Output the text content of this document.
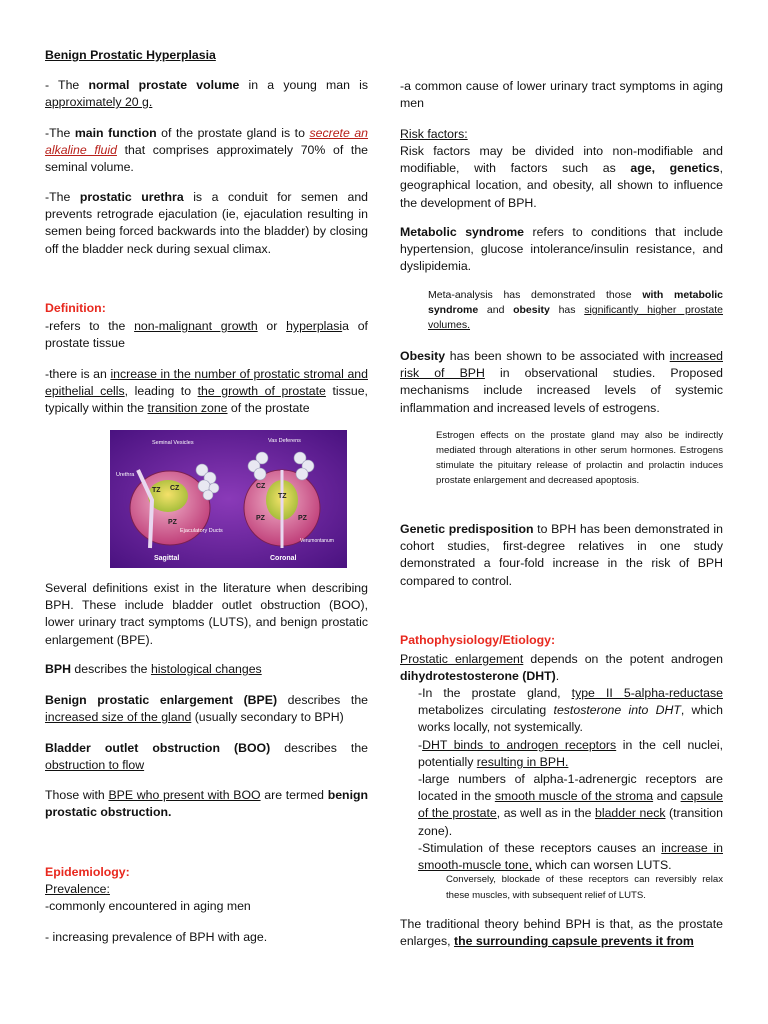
Benign Prostatic Hyperplasia

- The normal prostate volume in a young man is approximately 20 g.

-The main function of the prostate gland is to secrete an alkaline fluid that comprises approximately 70% of the seminal volume.

-The prostatic urethra is a conduit for semen and prevents retrograde ejaculation (ie, ejaculation resulting in semen being forced backwards into the bladder) by closing off the bladder neck during sexual climax.

Definition:

-refers to the non-malignant growth or hyperplasia of prostate tissue

-there is an increase in the number of prostatic stromal and epithelial cells, leading to the growth of prostate tissue, typically within the transition zone of the prostate

Seminal Vesicles	Vas Deferens
Urethra
TZ CZ
PZ
Ejaculatory Ducts
CZ
TZ
PZ	PZ
Verumontanum
Sagittal	Coronal

Several definitions exist in the literature when describing BPH. These include bladder outlet obstruction (BOO), lower urinary tract symptoms (LUTS), and benign prostatic enlargement (BPE).

BPH describes the histological changes

Benign prostatic enlargement (BPE) describes the increased size of the gland (usually secondary to BPH)

Bladder outlet obstruction (BOO) describes the obstruction to flow

Those with BPE who present with BOO are termed benign prostatic obstruction.

Epidemiology:

Prevalence:

-commonly encountered in aging men

- increasing prevalence of BPH with age.

-a common cause of lower urinary tract symptoms in aging men

Risk factors:

Risk factors may be divided into non-modifiable and modifiable, with factors such as age, genetics, geographical location, and obesity, all shown to influence the development of BPH.

Metabolic syndrome refers to conditions that include hypertension, glucose intolerance/insulin resistance, and dyslipidemia.

Meta-analysis has demonstrated those with metabolic syndrome and obesity has significantly higher prostate volumes.

Obesity has been shown to be associated with increased risk of BPH in observational studies. Proposed mechanisms include increased levels of systemic inflammation and increased levels of estrogens.

Estrogen effects on the prostate gland may also be indirectly mediated through alterations in other serum hormones. Estrogens stimulate the pituitary release of prolactin and prolactin induces prostate enlargement and decreased apoptosis.

Genetic predisposition to BPH has been demonstrated in cohort studies, first-degree relatives in one study demonstrated a four-fold increase in the risk of BPH compared to control.

Pathophysiology/Etiology:

Prostatic enlargement depends on the potent androgen dihydrotestosterone (DHT).

-In the prostate gland, type II 5-alpha-reductase metabolizes circulating testosterone into DHT, which works locally, not systemically.

-DHT binds to androgen receptors in the cell nuclei, potentially resulting in BPH.

-large numbers of alpha-1-adrenergic receptors are located in the smooth muscle of the stroma and capsule of the prostate, as well as in the bladder neck (transition zone).

-Stimulation of these receptors causes an increase in smooth-muscle tone, which can worsen LUTS.

Conversely, blockade of these receptors can reversibly relax these muscles, with subsequent relief of LUTS.

The traditional theory behind BPH is that, as the prostate enlarges, the surrounding capsule prevents it from
